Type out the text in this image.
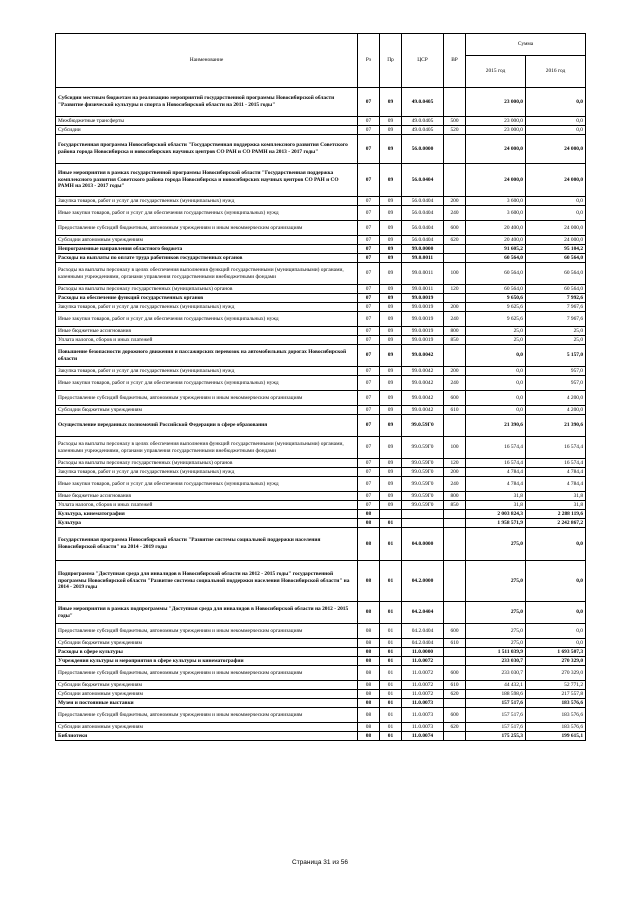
Наименование	Рз	Пр	ЦСР	ВР	Сумма	
					2015 год	2016 год
Субсидии местным бюджетам на реализацию мероприятий государственной программы Новосибирской области "Развитие физической культуры и спорта в Новосибирской области на 2011 - 2015 годы"	07	09	49.0.0405		23 000,0	0,0
Межбюджетные трансферты	07	09	49.0.0405	500	23 000,0	0,0
Субсидии	07	09	49.0.0405	520	23 000,0	0,0
Государственная программа Новосибирской области "Государственная поддержка комплексного развития Советского района города Новосибирска и новосибирских научных центров СО РАН и СО РАМН на 2013 - 2017 годы"	07	09	56.0.0000		24 000,0	24 000,0
Иные мероприятия в рамках государственной программы Новосибирской области "Государственная поддержка комплексного развития Советского района города Новосибирска и новосибирских научных центров СО РАН и СО РАМН на 2013 - 2017 годы"	07	09	56.0.0404		24 000,0	24 000,0
Закупка товаров, работ и услуг для государственных (муниципальных) нужд	07	09	56.0.0404	200	3 600,0	0,0
Иные закупки товаров, работ и услуг для обеспечения государственных (муниципальных) нужд	07	09	56.0.0404	240	3 600,0	0,0
Предоставление субсидий бюджетным, автономным учреждениям и иным некоммерческим организациям	07	09	56.0.0404	600	20 400,0	24 000,0
Субсидии автономным учреждениям	07	09	56.0.0404	620	20 400,0	24 000,0
Непрограммные направления областного бюджета	07	09	99.0.0000		91 605,2	95 104,2
Расходы на выплаты по оплате труда работников государственных органов	07	09	99.0.0011		60 564,0	60 564,0
Расходы на выплаты персоналу в целях обеспечения выполнения функций государственными (муниципальными) органами, казенными учреждениями, органами управления государственными внебюджетными фондами	07	09	99.0.0011	100	60 564,0	60 564,0
Расходы на выплаты персоналу государственных (муниципальных) органов	07	09	99.0.0011	120	60 564,0	60 564,0
Расходы на обеспечение функций государственных органов	07	09	99.0.0019		9 650,6	7 992,6
Закупка товаров, работ и услуг для государственных (муниципальных) нужд	07	09	99.0.0019	200	9 625,6	7 967,6
Иные закупки товаров, работ и услуг для обеспечения государственных (муниципальных) нужд	07	09	99.0.0019	240	9 625,6	7 967,6
Иные бюджетные ассигнования	07	09	99.0.0019	800	25,0	25,0
Уплата налогов, сборов и иных платежей	07	09	99.0.0019	850	25,0	25,0
Повышение безопасности дорожного движения и пассажирских перевозок на автомобильных дорогах Новосибирской области	07	09	99.0.0042		0,0	5 157,0
Закупка товаров, работ и услуг для государственных (муниципальных) нужд	07	09	99.0.0042	200	0,0	957,0
Иные закупки товаров, работ и услуг для обеспечения государственных (муниципальных) нужд	07	09	99.0.0042	240	0,0	957,0
Предоставление субсидий бюджетным, автономным учреждениям и иным некоммерческим организациям	07	09	99.0.0042	600	0,0	4 200,0
Субсидии бюджетным учреждениям	07	09	99.0.0042	610	0,0	4 200,0
Осуществление переданных полномочий Российской Федерации в сфере образования	07	09	99.0.59Г0		21 390,6	21 390,6
Расходы на выплаты персоналу в целях обеспечения выполнения функций государственными (муниципальными) органами, казенными учреждениями, органами управления государственными внебюджетными фондами	07	09	99.0.59Г0	100	16 574,4	16 574,4
Расходы на выплаты персоналу государственных (муниципальных) органов	07	09	99.0.59Г0	120	16 574,4	16 574,4
Закупка товаров, работ и услуг для государственных (муниципальных) нужд	07	09	99.0.59Г0	200	4 784,4	4 784,4
Иные закупки товаров, работ и услуг для обеспечения государственных (муниципальных) нужд	07	09	99.0.59Г0	240	4 784,4	4 784,4
Иные бюджетные ассигнования	07	09	99.0.59Г0	800	31,8	31,8
Уплата налогов, сборов и иных платежей	07	09	99.0.59Г0	850	31,8	31,8
Культура, кинематография	08				2 003 824,3	2 288 119,6
Культура	08	01			1 958 571,9	2 242 867,2
Государственная программа Новосибирской области "Развитие системы социальной поддержки населения Новосибирской области" на 2014 - 2019 годы	08	01	04.0.0000		275,0	0,0
Подпрограмма "Доступная среда для инвалидов в Новосибирской области на 2012 - 2015 годы" государственной программы Новосибирской области "Развитие системы социальной поддержки населения Новосибирской области" на 2014 - 2019 годы	08	01	04.2.0000		275,0	0,0
Иные мероприятия в рамках подпрограммы "Доступная среда для инвалидов в Новосибирской области на 2012 - 2015 годы"	08	01	04.2.0404		275,0	0,0
Предоставление субсидий бюджетным, автономным учреждениям и иным некоммерческим организациям	08	01	04.2.0404	600	275,0	0,0
Субсидии бюджетным учреждениям	08	01	04.2.0404	610	275,0	0,0
Расходы в сфере культуры	08	01	11.0.0000		1 511 039,9	1 693 507,3
Учреждения культуры и мероприятия в сфере культуры и кинематографии	08	01	11.0.0072		233 030,7	270 329,0
Предоставление субсидий бюджетным, автономным учреждениям и иным некоммерческим организациям	08	01	11.0.0072	600	233 030,7	270 329,0
Субсидии бюджетным учреждениям	08	01	11.0.0072	610	44 432,1	52 771,2
Субсидии автономным учреждениям	08	01	11.0.0072	620	188 598,6	217 557,8
Музеи и постоянные выставки	08	01	11.0.0073		157 517,6	183 576,6
Предоставление субсидий бюджетным, автономным учреждениям и иным некоммерческим организациям	08	01	11.0.0073	600	157 517,6	183 576,6
Субсидии автономным учреждениям	08	01	11.0.0073	620	157 517,6	183 576,6
Библиотеки	08	01	11.0.0074		175 255,3	199 615,1
Страница 31 из 56
